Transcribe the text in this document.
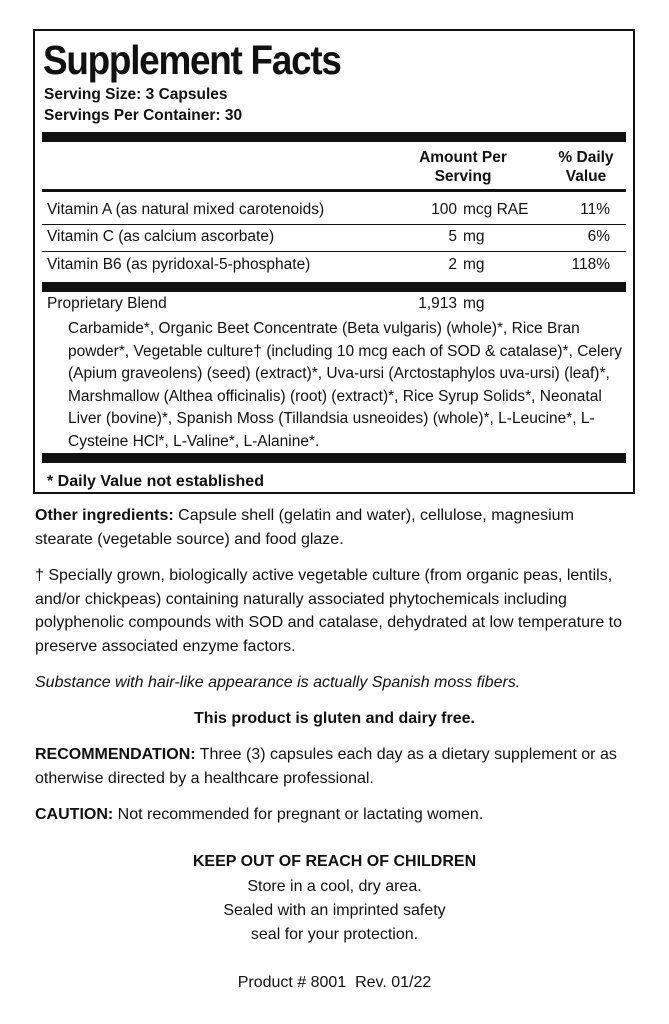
Supplement Facts
Serving Size: 3 Capsules
Servings Per Container: 30
Amount Per
Serving
% Daily
Value
Vitamin A (as natural mixed carotenoids)	100 mcg RAE	11%
Vitamin C (as calcium ascorbate)	5 mg	6%
Vitamin B6 (as pyridoxal-5-phosphate)	2 mg	118%
Proprietary Blend	1,913 mg
Carbamide*, Organic Beet Concentrate (Beta vulgaris) (whole)*, Rice Bran powder*, Vegetable culture† (including 10 mcg each of SOD & catalase)*, Celery (Apium graveolens) (seed) (extract)*, Uva-ursi (Arctostaphylos uva-ursi) (leaf)*, Marshmallow (Althea officinalis) (root) (extract)*, Rice Syrup Solids*, Neonatal Liver (bovine)*, Spanish Moss (Tillandsia usneoides) (whole)*, L-Leucine*, L-Cysteine HCl*, L-Valine*, L-Alanine*.
* Daily Value not established
Other ingredients: Capsule shell (gelatin and water), cellulose, magnesium stearate (vegetable source) and food glaze.
† Specially grown, biologically active vegetable culture (from organic peas, lentils, and/or chickpeas) containing naturally associated phytochemicals including polyphenolic compounds with SOD and catalase, dehydrated at low temperature to preserve associated enzyme factors.
Substance with hair-like appearance is actually Spanish moss fibers.
This product is gluten and dairy free.
RECOMMENDATION: Three (3) capsules each day as a dietary supplement or as otherwise directed by a healthcare professional.
CAUTION: Not recommended for pregnant or lactating women.
KEEP OUT OF REACH OF CHILDREN
Store in a cool, dry area.
Sealed with an imprinted safety
seal for your protection.
Product # 8001  Rev. 01/22
